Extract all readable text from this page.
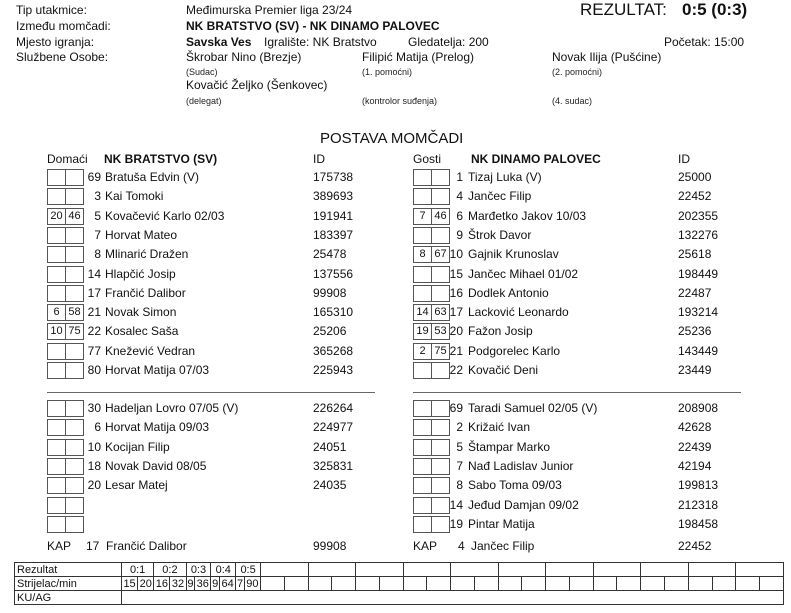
Tip utakmice:	Međimurska Premier liga 23/24	REZULTAT: 0:5 (0:3)
Između momčadi:	NK BRATSTVO (SV) - NK DINAMO PALOVEC
Mjesto igranja:	Savska Ves Igralište: NK Bratstvo	Gledatelja: 200	Početak: 15:00
Službene Osobe:	Škrobar Nino (Brezje)
(Sudac)
Filipić Matija (Prelog)
(1. pomoćni)
Novak Ilija (Pušćine)
(2. pomoćni)
Kovačić Željko (Šenkovec)
(delegat)	(kontrolor suđenja)	(4. sudac)
POSTAVA MOMČADI
Domaći NK BRATSTVO (SV)	ID	Gosti NK DINAMO PALOVEC	ID
69 Bratuša Edvin (V)	175738
3 Kai Tomoki	389693
20 46	5 Kovačević Karlo 02/03	191941
7 Horvat Mateo	183397
8 Mlinarić Dražen	25478
14 Hlapčić Josip	137556
17 Frančić Dalibor	99908
6 58 21 Novak Simon	165310
10 75 22 Kosalec Saša	25206
77 Knežević Vedran	365268
80 Horvat Matija 07/03	225943
30 Hadeljan Lovro 07/05 (V)	226264
6 Horvat Matija 09/03	224977
10 Kocijan Filip	24051
18 Novak David 08/05	325831
20 Lesar Matej	24035
1 Tizaj Luka (V)	25000
4 Jančec Filip	22452
7 46 6 Marđetko Jakov 10/03	202355
9 Štrok Davor	132276
8 67 10 Gajnik Krunoslav	25618
15 Jančec Mihael 01/02	198449
16 Dodlek Antonio	22487
14 63 17 Lacković Leonardo	193214
19 53 20 Fažon Josip	25236
2 75 21 Podgorelec Karlo	143449
22 Kovačić Deni	23449
69 Taradi Samuel 02/05 (V)	208908
2 Križaić Ivan	42628
5 Štampar Marko	22439
7 Nađ Ladislav Junior	42194
8 Sabo Toma 09/03	199813
14 Jeđud Damjan 09/02	212318
19 Pintar Matija	198458
KAP 17 Frančić Dalibor	99908	KAP 4 Jančec Filip	22452
Rezultat	0:1		0:2		0:3		0:4		0:5																							
Strijelac/min	15	20	16	32	9	36	9	64	7	90																						
KU/AG																																
